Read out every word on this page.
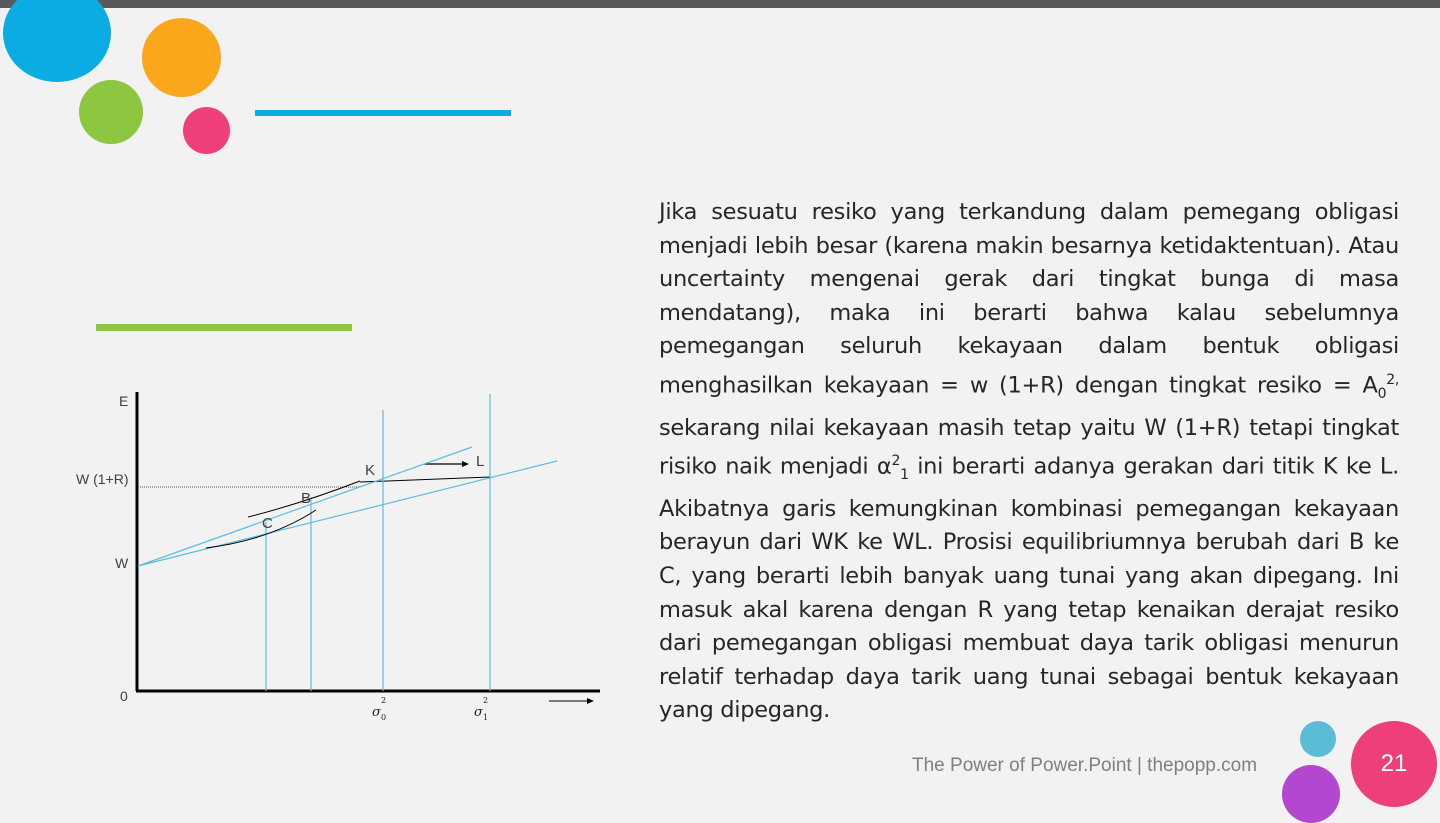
E
0
W (1+R)
W
K
L
B
C
σ
2
0	σ
2
1

Jika sesuatu resiko yang terkandung dalam pemegang obligasi menjadi lebih besar (karena makin besarnya ketidaktentuan). Atau uncertainty mengenai gerak dari tingkat bunga di masa mendatang), maka ini berarti bahwa kalau sebelumnya pemegangan seluruh kekayaan dalam bentuk obligasi menghasilkan kekayaan = w (1+R) dengan tingkat resiko = $A_0^{2,}$ sekarang nilai kekayaan masih tetap yaitu W (1+R) tetapi tingkat risiko naik menjadi $\alpha^2_1$ ini berarti adanya gerakan dari titik K ke L. Akibatnya garis kemungkinan kombinasi pemegangan kekayaan berayun dari WK ke WL. Prosisi equilibriumnya berubah dari B ke C, yang berarti lebih banyak uang tunai yang akan dipegang. Ini masuk akal karena dengan R yang tetap kenaikan derajat resiko dari pemegangan obligasi membuat daya tarik obligasi menurun relatif terhadap daya tarik uang tunai sebagai bentuk kekayaan yang dipegang.

The Power of Power.Point | thepopp.com	21
